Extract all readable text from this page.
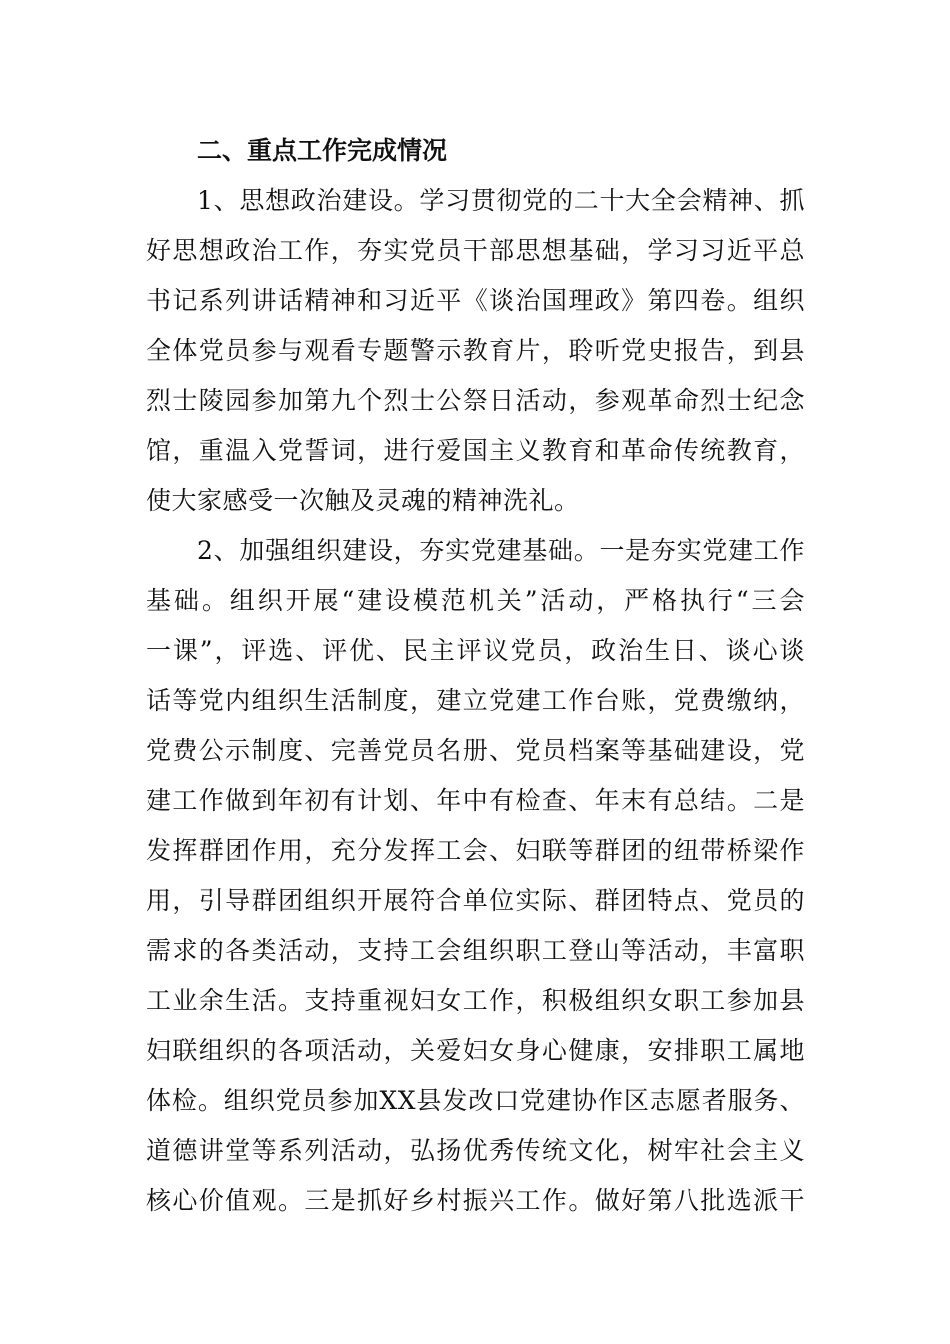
二、重点工作完成情况
1、思想政治建设。学习贯彻党的二十大全会精神、抓
好思想政治工作，夯实党员干部思想基础，学习习近平总
书记系列讲话精神和习近平《谈治国理政》第四卷。组织
全体党员参与观看专题警示教育片，聆听党史报告，到县
烈士陵园参加第九个烈士公祭日活动，参观革命烈士纪念
馆，重温入党誓词，进行爱国主义教育和革命传统教育，
使大家感受一次触及灵魂的精神洗礼。
2、加强组织建设，夯实党建基础。一是夯实党建工作
基础。组织开展“建设模范机关”活动，严格执行“三会
一课”，评选、评优、民主评议党员，政治生日、谈心谈
话等党内组织生活制度，建立党建工作台账，党费缴纳，
党费公示制度、完善党员名册、党员档案等基础建设，党
建工作做到年初有计划、年中有检查、年末有总结。二是
发挥群团作用，充分发挥工会、妇联等群团的纽带桥梁作
用，引导群团组织开展符合单位实际、群团特点、党员的
需求的各类活动，支持工会组织职工登山等活动，丰富职
工业余生活。支持重视妇女工作，积极组织女职工参加县
妇联组织的各项活动，关爱妇女身心健康，安排职工属地
体检。组织党员参加XX县发改口党建协作区志愿者服务、
道德讲堂等系列活动，弘扬优秀传统文化，树牢社会主义
核心价值观。三是抓好乡村振兴工作。做好第八批选派干
